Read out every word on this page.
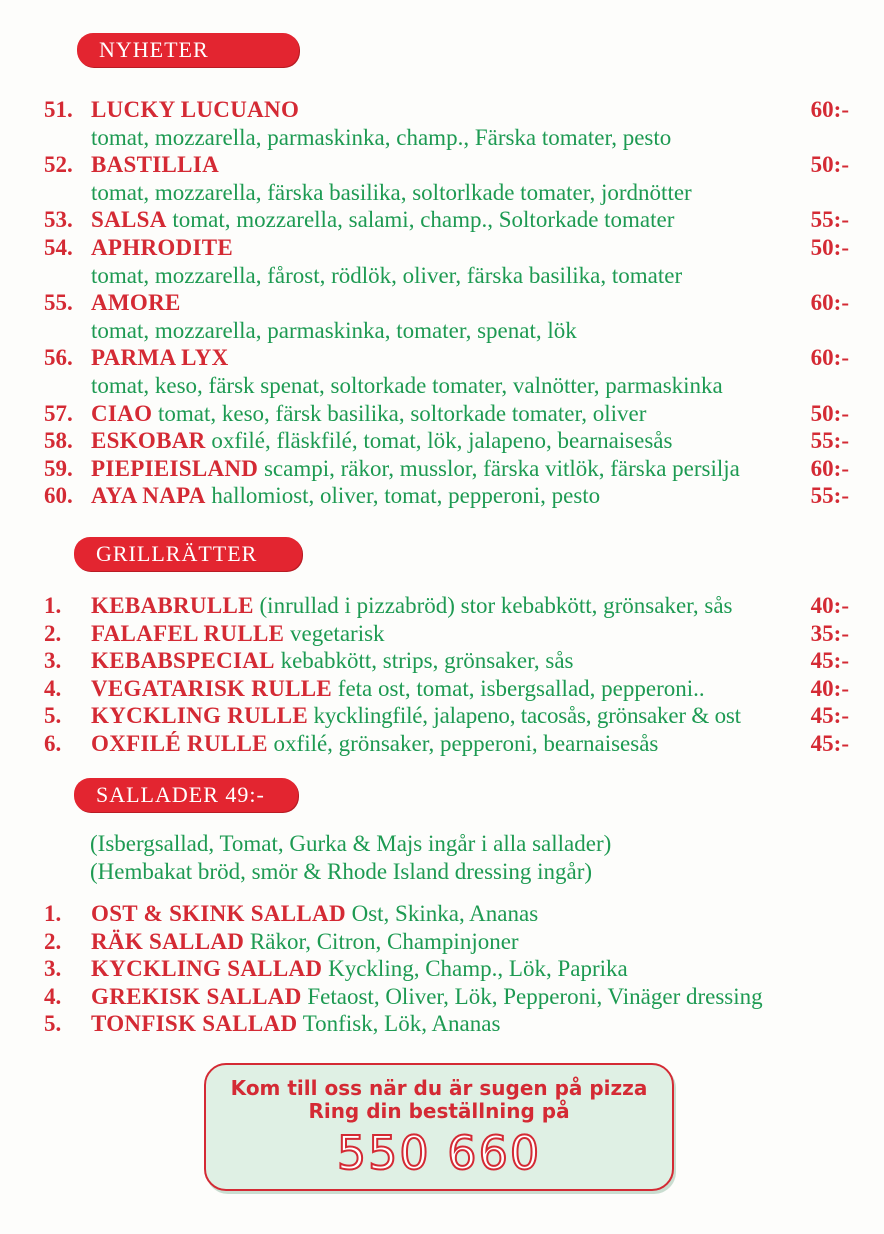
NYHETER
51. LUCKY LUCUANO	60:-
tomat, mozzarella, parmaskinka, champ., Färska tomater, pesto
52. BASTILLIA	50:-
tomat, mozzarella, färska basilika, soltorlkade tomater, jordnötter
53. SALSA tomat, mozzarella, salami, champ., Soltorkade tomater	55:-
54. APHRODITE	50:-
tomat, mozzarella, fårost, rödlök, oliver, färska basilika, tomater
55. AMORE	60:-
tomat, mozzarella, parmaskinka, tomater, spenat, lök
56. PARMA LYX	60:-
tomat, keso, färsk spenat, soltorkade tomater, valnötter, parmaskinka
57. CIAO tomat, keso, färsk basilika, soltorkade tomater, oliver	50:-
58. ESKOBAR oxfilé, fläskfilé, tomat, lök, jalapeno, bearnaisesås	55:-
59. PIEPIEISLAND scampi, räkor, musslor, färska vitlök, färska persilja	60:-
60. AYA NAPA hallomiost, oliver, tomat, pepperoni, pesto	55:-
GRILLRÄTTER
1. KEBABRULLE (inrullad i pizzabröd) stor kebabkött, grönsaker, sås	40:-
2. FALAFEL RULLE vegetarisk	35:-
3. KEBABSPECIAL kebabkött, strips, grönsaker, sås	45:-
4. VEGATARISK RULLE feta ost, tomat, isbergsallad, pepperoni..	40:-
5. KYCKLING RULLE kycklingfilé, jalapeno, tacosås, grönsaker & ost	45:-
6. OXFILÉ RULLE oxfilé, grönsaker, pepperoni, bearnaisesås	45:-
SALLADER 49:-
(Isbergsallad, Tomat, Gurka & Majs ingår i alla sallader)
(Hembakat bröd, smör & Rhode Island dressing ingår)
1. OST & SKINK SALLAD Ost, Skinka, Ananas
2. RÄK SALLAD Räkor, Citron, Champinjoner
3. KYCKLING SALLAD Kyckling, Champ., Lök, Paprika
4. GREKISK SALLAD Fetaost, Oliver, Lök, Pepperoni, Vinäger dressing
5. TONFISK SALLAD Tonfisk, Lök, Ananas
Kom till oss när du är sugen på pizza
Ring din beställning på
550 660
